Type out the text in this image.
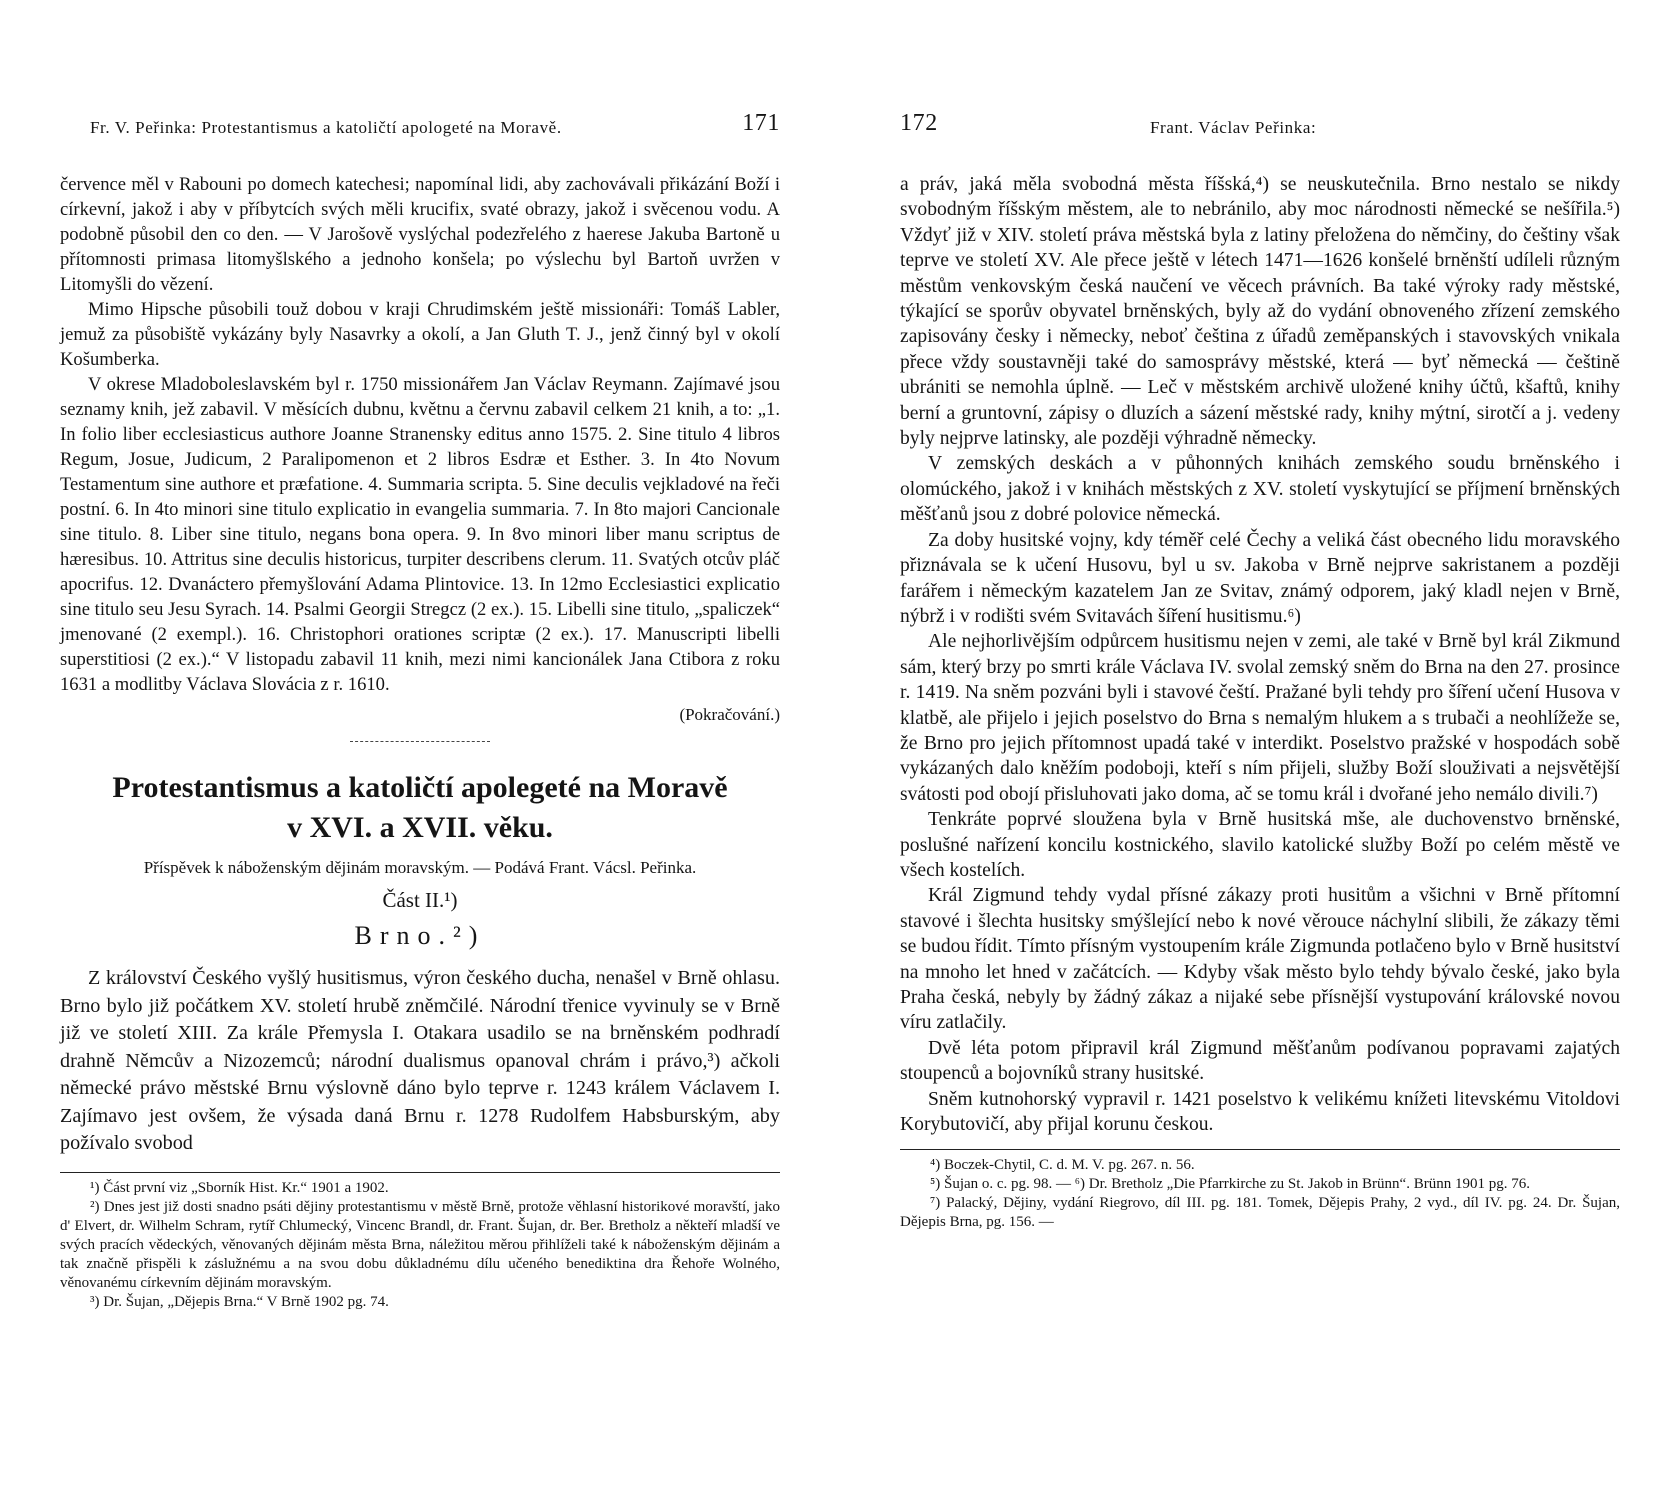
Fr. V. Peřinka: Protestantismus a katoličtí apologeté na Moravě.	171

července měl v Rabouni po domech katechesi; napomínal lidi, aby zachovávali přikázání Boží i církevní, jakož i aby v příbytcích svých měli krucifix, svaté obrazy, jakož i svěcenou vodu. A podobně působil den co den. — V Jarošově vyslýchal podezřelého z haerese Jakuba Bartoně u přítomnosti primasa litomyšlského a jednoho konšela; po výslechu byl Bartoň uvržen v Litomyšli do vězení.

Mimo Hipsche působili touž dobou v kraji Chrudimském ještě missionáři: Tomáš Labler, jemuž za působiště vykázány byly Nasavrky a okolí, a Jan Gluth T. J., jenž činný byl v okolí Košumberka.

V okrese Mladoboleslavském byl r. 1750 missionářem Jan Václav Reymann. Zajímavé jsou seznamy knih, jež zabavil. V měsících dubnu, květnu a červnu zabavil celkem 21 knih, a to: „1. In folio liber ecclesiasticus authore Joanne Stranensky editus anno 1575. 2. Sine titulo 4 libros Regum, Josue, Judicum, 2 Paralipomenon et 2 libros Esdræ et Esther. 3. In 4to Novum Testamentum sine authore et præfatione. 4. Summaria scripta. 5. Sine deculis vejkladové na řeči postní. 6. In 4to minori sine titulo explicatio in evangelia summaria. 7. In 8to majori Cancionale sine titulo. 8. Liber sine titulo, negans bona opera. 9. In 8vo minori liber manu scriptus de hæresibus. 10. Attritus sine deculis historicus, turpiter describens clerum. 11. Svatých otcův pláč apocrifus. 12. Dvanáctero přemyšlování Adama Plintovice. 13. In 12mo Ecclesiastici explicatio sine titulo seu Jesu Syrach. 14. Psalmi Georgii Stregcz (2 ex.). 15. Libelli sine titulo, „spaliczek“ jmenované (2 exempl.). 16. Christophori orationes scriptæ (2 ex.). 17. Manuscripti libelli superstitiosi (2 ex.).“ V listopadu zabavil 11 knih, mezi nimi kancionálek Jana Ctibora z roku 1631 a modlitby Václava Slovácia z r. 1610.

(Pokračování.)
Protestantismus a katoličtí apolegeté na Moravě
v XVI. a XVII. věku.
Příspěvek k náboženským dějinám moravským. — Podává Frant. Vácsl. Peřinka.
Část II.¹)
Brno.²)

Z království Českého vyšlý husitismus, výron českého ducha, nenašel v Brně ohlasu. Brno bylo již počátkem XV. století hrubě zněmčilé. Národní třenice vyvinuly se v Brně již ve století XIII. Za krále Přemysla I. Otakara usadilo se na brněnském podhradí drahně Němcův a Nizozemců; národní dualismus opanoval chrám i právo,³) ačkoli německé právo městské Brnu výslovně dáno bylo teprve r. 1243 králem Václavem I. Zajímavo jest ovšem, že výsada daná Brnu r. 1278 Rudolfem Habsburským, aby požívalo svobod

¹) Část první viz „Sborník Hist. Kr.“ 1901 a 1902.

²) Dnes jest již dosti snadno psáti dějiny protestantismu v městě Brně, protože věhlasní historikové moravští, jako d' Elvert, dr. Wilhelm Schram, rytíř Chlumecký, Vincenc Brandl, dr. Frant. Šujan, dr. Ber. Bretholz a někteří mladší ve svých pracích vědeckých, věnovaných dějinám města Brna, náležitou měrou přihlíželi také k náboženským dějinám a tak značně přispěli k záslužnému a na svou dobu důkladnému dílu učeného benediktina dra Řehoře Wolného, věnovanému církevním dějinám moravským.

³) Dr. Šujan, „Dějepis Brna.“ V Brně 1902 pg. 74.

172	Frant. Václav Peřinka:

a práv, jaká měla svobodná města říšská,⁴) se neuskutečnila. Brno nestalo se nikdy svobodným říšským městem, ale to nebránilo, aby moc národnosti německé se nešířila.⁵) Vždyť již v XIV. století práva městská byla z latiny přeložena do němčiny, do češtiny však teprve ve století XV. Ale přece ještě v létech 1471—1626 konšelé brněnští udíleli různým městům venkovským česká naučení ve věcech právních. Ba také výroky rady městské, týkající se sporův obyvatel brněnských, byly až do vydání obnoveného zřízení zemského zapisovány česky i německy, neboť čeština z úřadů zeměpanských i stavovských vnikala přece vždy soustavněji také do samosprávy městské, která — byť německá — češtině ubrániti se nemohla úplně. — Leč v městském archivě uložené knihy účtů, kšaftů, knihy berní a gruntovní, zápisy o dluzích a sázení městské rady, knihy mýtní, sirotčí a j. vedeny byly nejprve latinsky, ale později výhradně německy.

V zemských deskách a v půhonných knihách zemského soudu brněnského i olomúckého, jakož i v knihách městských z XV. století vyskytující se příjmení brněnských měšťanů jsou z dobré polovice německá.

Za doby husitské vojny, kdy téměř celé Čechy a veliká část obecného lidu moravského přiznávala se k učení Husovu, byl u sv. Jakoba v Brně nejprve sakristanem a později farářem i německým kazatelem Jan ze Svitav, známý odporem, jaký kladl nejen v Brně, nýbrž i v rodišti svém Svitavách šíření husitismu.⁶)

Ale nejhorlivějším odpůrcem husitismu nejen v zemi, ale také v Brně byl král Zikmund sám, který brzy po smrti krále Václava IV. svolal zemský sněm do Brna na den 27. prosince r. 1419. Na sněm pozváni byli i stavové čeští. Pražané byli tehdy pro šíření učení Husova v klatbě, ale přijelo i jejich poselstvo do Brna s nemalým hlukem a s trubači a neohlížeže se, že Brno pro jejich přítomnost upadá také v interdikt. Poselstvo pražské v hospodách sobě vykázaných dalo kněžím podoboji, kteří s ním přijeli, služby Boží slouživati a nejsvětější svátosti pod obojí přisluhovati jako doma, ač se tomu král i dvořané jeho nemálo divili.⁷)

Tenkráte poprvé sloužena byla v Brně husitská mše, ale duchovenstvo brněnské, poslušné nařízení koncilu kostnického, slavilo katolické služby Boží po celém městě ve všech kostelích.

Král Zigmund tehdy vydal přísné zákazy proti husitům a všichni v Brně přítomní stavové i šlechta husitsky smýšlející nebo k nové věrouce náchylní slibili, že zákazy těmi se budou řídit. Tímto přísným vystoupením krále Zigmunda potlačeno bylo v Brně husitství na mnoho let hned v začátcích. — Kdyby však město bylo tehdy bývalo české, jako byla Praha česká, nebyly by žádný zákaz a nijaké sebe přísnější vystupování královské novou víru zatlačily.

Dvě léta potom připravil král Zigmund měšťanům podívanou popravami zajatých stoupenců a bojovníků strany husitské.

Sněm kutnohorský vypravil r. 1421 poselstvo k velikému knížeti litevskému Vitoldovi Korybutovičí, aby přijal korunu českou.

⁴) Boczek-Chytil, C. d. M. V. pg. 267. n. 56.

⁵) Šujan o. c. pg. 98. — ⁶) Dr. Bretholz „Die Pfarrkirche zu St. Jakob in Brünn“. Brünn 1901 pg. 76.

⁷) Palacký, Dějiny, vydání Riegrovo, díl III. pg. 181. Tomek, Dějepis Prahy, 2 vyd., díl IV. pg. 24. Dr. Šujan, Dějepis Brna, pg. 156. —
